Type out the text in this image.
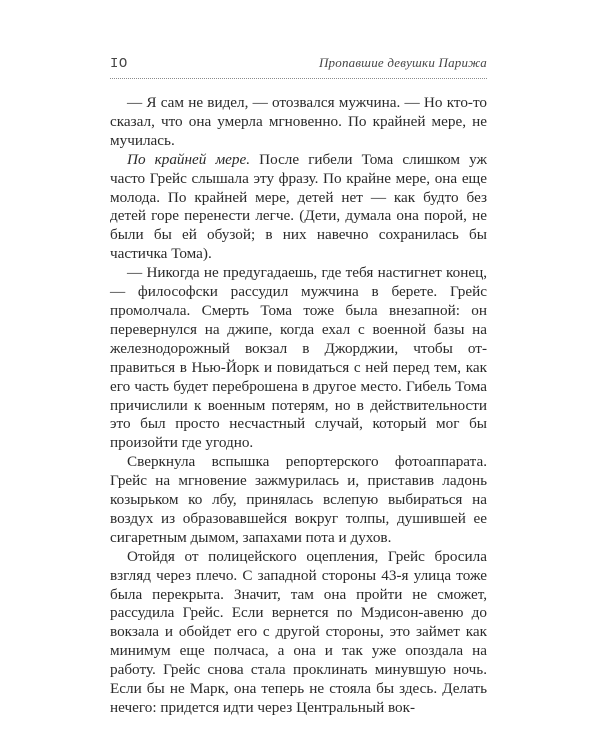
IO	Пропавшие девушки Парижа

— Я сам не видел, — отозвался мужчина. — Но кто-то сказал, что она умерла мгновенно. По крайней мере, не мучилась.

По крайней мере. После гибели Тома слишком уж часто Грейс слышала эту фразу. По крайне мере, она еще молода. По крайней мере, детей нет — как будто без детей горе перенести легче. (Дети, думала она порой, не были бы ей обузой; в них навечно сохранилась бы частичка Тома).

— Никогда не предугадаешь, где тебя настигнет конец, — философски рассудил мужчина в берете. Грейс промолчала. Смерть Тома тоже была внезапной: он перевернулся на джипе, когда ехал с военной базы на железнодорожный вокзал в Джорджии, чтобы отправиться в Нью-Йорк и повидаться с ней перед тем, как его часть будет переброшена в другое место. Гибель Тома причислили к военным потерям, но в действительности это был просто несчастный случай, который мог бы произойти где угодно.

Сверкнула вспышка репортерского фотоаппарата. Грейс на мгновение зажмурилась и, приставив ладонь козырьком ко лбу, принялась вслепую выбираться на воздух из образовавшейся вокруг толпы, душившей ее сигаретным дымом, запахами пота и духов.

Отойдя от полицейского оцепления, Грейс бросила взгляд через плечо. С западной стороны 43-я улица тоже была перекрыта. Значит, там она пройти не сможет, рассудила Грейс. Если вернется по Мэдисон-авеню до вокзала и обойдет его с другой стороны, это займет как минимум еще полчаса, а она и так уже опоздала на работу. Грейс снова стала проклинать минувшую ночь. Если бы не Марк, она теперь не стояла бы здесь. Делать нечего: придется идти через Центральный вок-
